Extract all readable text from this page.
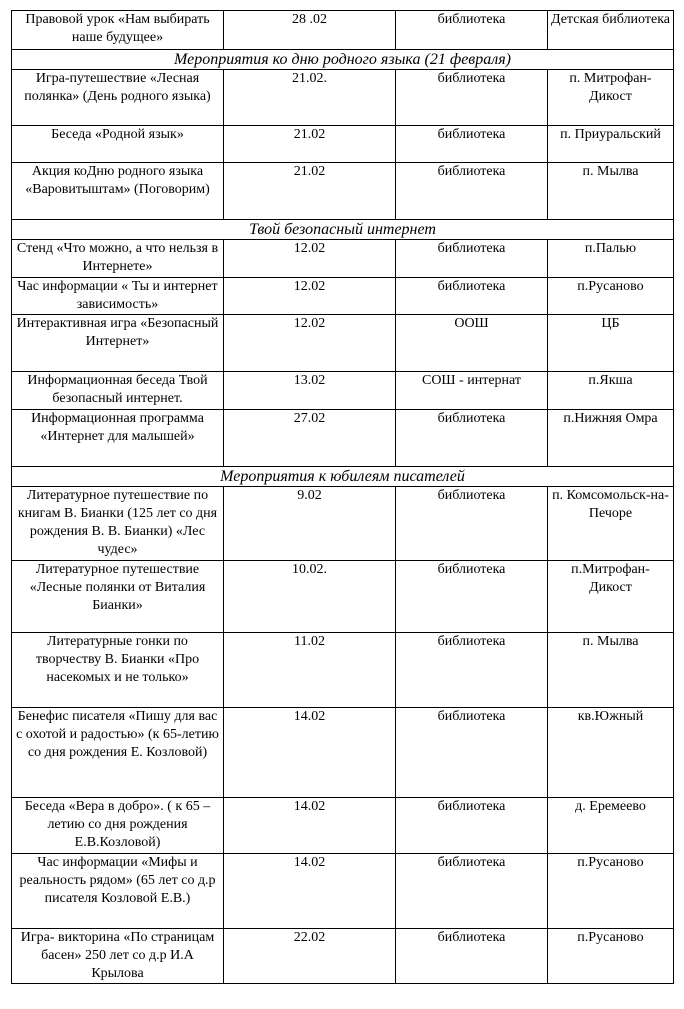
Правовой урок «Нам выбирать наше будущее»	28 .02	библиотека	Детская библиотека
Мероприятия ко дню родного языка (21 февраля)			
Игра-путешествие «Лесная полянка» (День родного языка)	21.02.	библиотека	п. Митрофан-Дикост
Беседа «Родной язык»	21.02	библиотека	п. Приуральский
Акция коДню родного языка «Варовитыштам» (Поговорим)	21.02	библиотека	п. Мылва
Твой безопасный интернет			
Стенд «Что можно, а что нельзя в Интернете»	12.02	библиотека	п.Палью
Час информации « Ты и интернет зависимость»	12.02	библиотека	п.Русаново
Интерактивная игра «Безопасный Интернет»	12.02	ООШ	ЦБ
Информационная беседа Твой безопасный интернет.	13.02	СОШ - интернат	п.Якша
Информационная программа «Интернет для малышей»	27.02	библиотека	п.Нижняя Омра
Мероприятия к юбилеям писателей			
Литературное путешествие по книгам В. Бианки (125 лет со дня рождения В. В. Бианки) «Лес чудес»	9.02	библиотека	п. Комсомольск-на- Печоре
Литературное путешествие «Лесные полянки от Виталия Бианки»	10.02.	библиотека	п.Митрофан-Дикост
Литературные гонки по творчеству В. Бианки «Про насекомых и не только»	11.02	библиотека	п. Мылва
Бенефис писателя «Пишу для вас с охотой и радостью» (к 65-летию со дня рождения Е. Козловой)	14.02	библиотека	кв.Южный
Беседа «Вера в добро». ( к 65 – летию со дня рождения Е.В.Козловой)	14.02	библиотека	д. Еремеево
Час информации «Мифы и реальность рядом» (65 лет со д.р писателя Козловой Е.В.)	14.02	библиотека	п.Русаново
Игра- викторина «По страницам басен» 250 лет со д.р И.А Крылова	22.02	библиотека	п.Русаново
